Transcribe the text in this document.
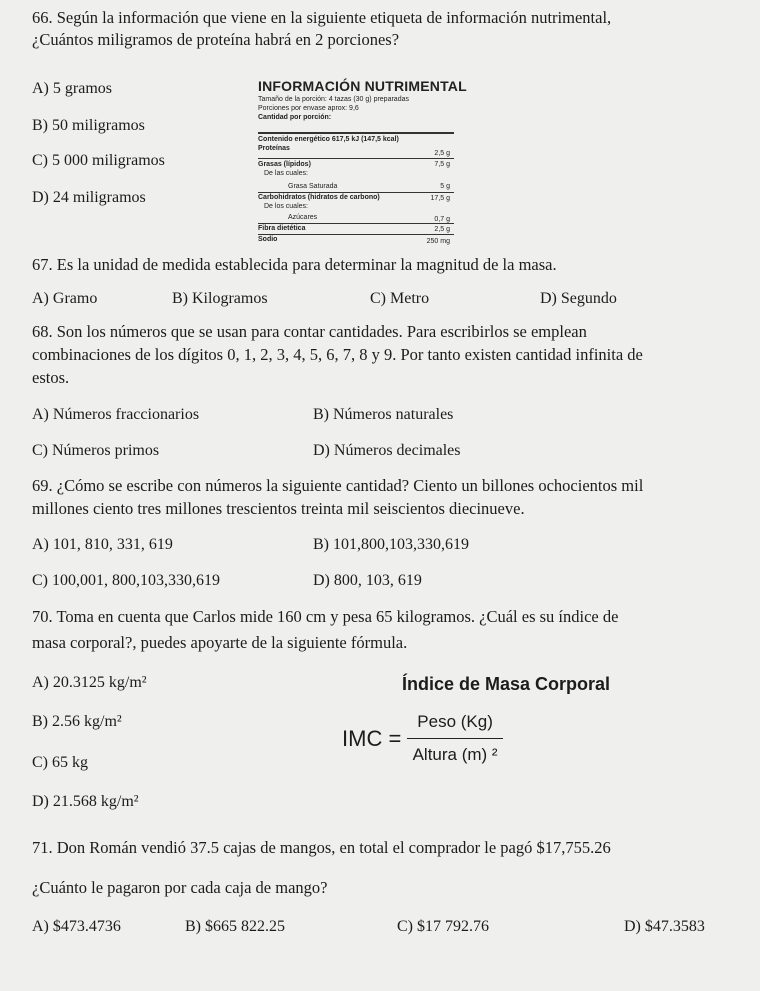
66. Según la información que viene en la siguiente etiqueta de información nutrimental,
¿Cuántos miligramos de proteína habrá en 2 porciones?
A) 5 gramos
B) 50 miligramos
C) 5 000 miligramos
D) 24 miligramos
INFORMACIÓN NUTRIMENTAL
Tamaño de la porción: 4 tazas (30 g) preparadas
Porciones por envase aprox: 9,6
Cantidad por porción:
Contenido energético 617,5 kJ (147,5 kcal)
Proteínas
2,5 g
Grasas (lípidos)	7,5 g
De las cuales:
Grasa Saturada	5 g
Carbohidratos (hidratos de carbono)	17,5 g
De los cuales:
Azúcares	0,7 g
Fibra dietética	2,5 g
Sodio	250 mg
67. Es la unidad de medida establecida para determinar la magnitud de la masa.
A) Gramo	B) Kilogramos	C) Metro	D) Segundo
68. Son los números que se usan para contar cantidades. Para escribirlos se emplean
combinaciones de los dígitos 0, 1, 2, 3, 4, 5, 6, 7, 8 y 9. Por tanto existen cantidad infinita de
estos.
A) Números fraccionarios	B) Números naturales
C) Números primos	D) Números decimales
69. ¿Cómo se escribe con números la siguiente cantidad? Ciento un billones ochocientos mil
millones ciento tres millones trescientos treinta mil seiscientos diecinueve.
A) 101, 810, 331, 619	B) 101,800,103,330,619
C) 100,001, 800,103,330,619	D) 800, 103, 619
70. Toma en cuenta que Carlos mide 160 cm y pesa 65 kilogramos. ¿Cuál es su índice de
masa corporal?, puedes apoyarte de la siguiente fórmula.
A) 20.3125 kg/m²
B) 2.56 kg/m²
C) 65 kg
D) 21.568 kg/m²
Índice de Masa Corporal
IMC = $\frac{\text{Peso (Kg)}}{\text{Altura (m) ²}}$
71. Don Román vendió 37.5 cajas de mangos, en total el comprador le pagó $17,755.26
¿Cuánto le pagaron por cada caja de mango?
A) $473.4736	B) $665 822.25	C) $17 792.76	D) $47.3583
